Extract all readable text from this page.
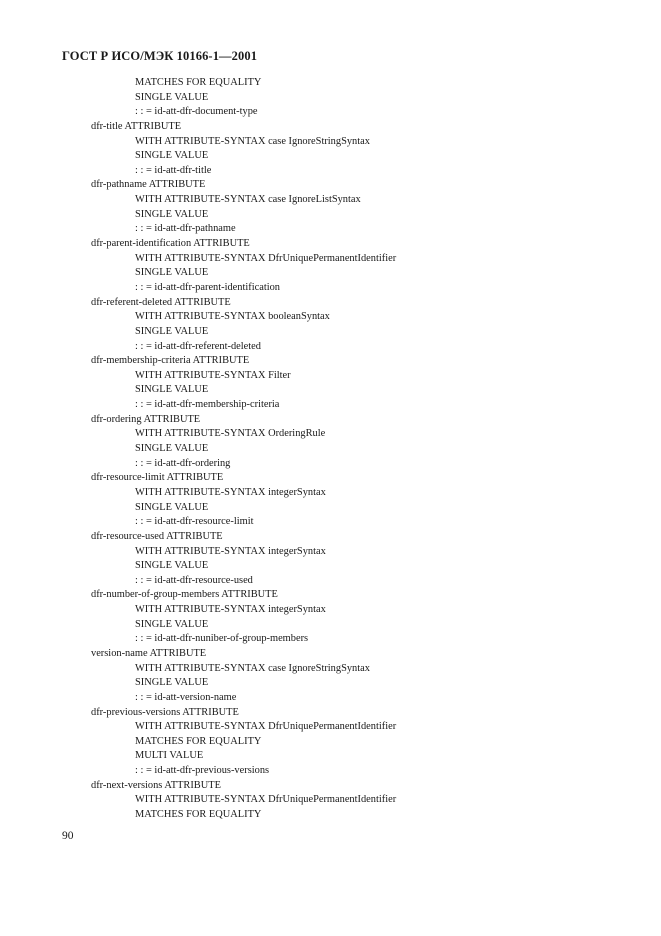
ГОСТ Р ИСО/МЭК 10166-1—2001
MATCHES FOR EQUALITY
SINGLE VALUE
: : = id-att-dfr-document-type
dfr-title ATTRIBUTE
WITH ATTRIBUTE-SYNTAX case IgnoreStringSyntax
SINGLE VALUE
: : = id-att-dfr-title
dfr-pathname ATTRIBUTE
WITH ATTRIBUTE-SYNTAX case IgnoreListSyntax
SINGLE VALUE
: : = id-att-dfr-pathname
dfr-parent-identification ATTRIBUTE
WITH ATTRIBUTE-SYNTAX DfrUniquePermanentIdentifier
SINGLE VALUE
: : = id-att-dfr-parent-identification
dfr-referent-deleted ATTRIBUTE
WITH ATTRIBUTE-SYNTAX booleanSyntax
SINGLE VALUE
: : = id-att-dfr-referent-deleted
dfr-membership-criteria ATTRIBUTE
WITH ATTRIBUTE-SYNTAX Filter
SINGLE VALUE
: : = id-att-dfr-membership-criteria
dfr-ordering ATTRIBUTE
WITH ATTRIBUTE-SYNTAX OrderingRule
SINGLE VALUE
: : = id-att-dfr-ordering
dfr-resource-limit ATTRIBUTE
WITH ATTRIBUTE-SYNTAX integerSyntax
SINGLE VALUE
: : = id-att-dfr-resource-limit
dfr-resource-used ATTRIBUTE
WITH ATTRIBUTE-SYNTAX integerSyntax
SINGLE VALUE
: : = id-att-dfr-resource-used
dfr-number-of-group-members ATTRIBUTE
WITH ATTRIBUTE-SYNTAX integerSyntax
SINGLE VALUE
: : = id-att-dfr-nuniber-of-group-members
version-name ATTRIBUTE
WITH ATTRIBUTE-SYNTAX case IgnoreStringSyntax
SINGLE VALUE
: : = id-att-version-name
dfr-previous-versions ATTRIBUTE
WITH ATTRIBUTE-SYNTAX DfrUniquePermanentIdentifier
MATCHES FOR EQUALITY
MULTI VALUE
: : = id-att-dfr-previous-versions
dfr-next-versions ATTRIBUTE
WITH ATTRIBUTE-SYNTAX DfrUniquePermanentIdentifier
MATCHES FOR EQUALITY
90
